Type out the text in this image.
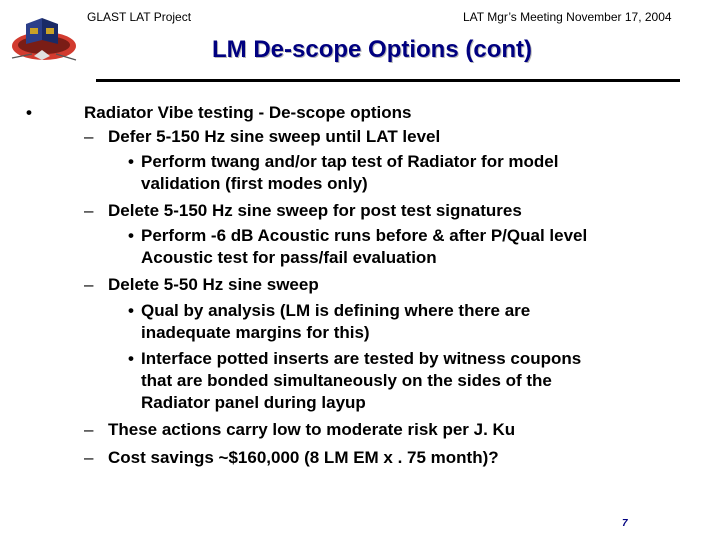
GLAST LAT Project	LAT Mgr’s Meeting November 17, 2004
LM De-scope Options (cont)
•	Radiator Vibe testing - De-scope options
– Defer 5-150 Hz sine sweep until LAT level
• Perform twang and/or tap test of Radiator for model
validation (first modes only)
– Delete 5-150 Hz sine sweep for post test signatures
• Perform -6 dB Acoustic runs before & after P/Qual level
Acoustic test for pass/fail evaluation
– Delete 5-50 Hz sine sweep
• Qual by analysis (LM is defining where there are
inadequate margins for this)
• Interface potted inserts are tested by witness coupons
that are bonded simultaneously on the sides of the
Radiator panel during layup
– These actions carry low to moderate risk per J. Ku
– Cost savings ~$160,000 (8 LM EM x . 75 month)?
7
